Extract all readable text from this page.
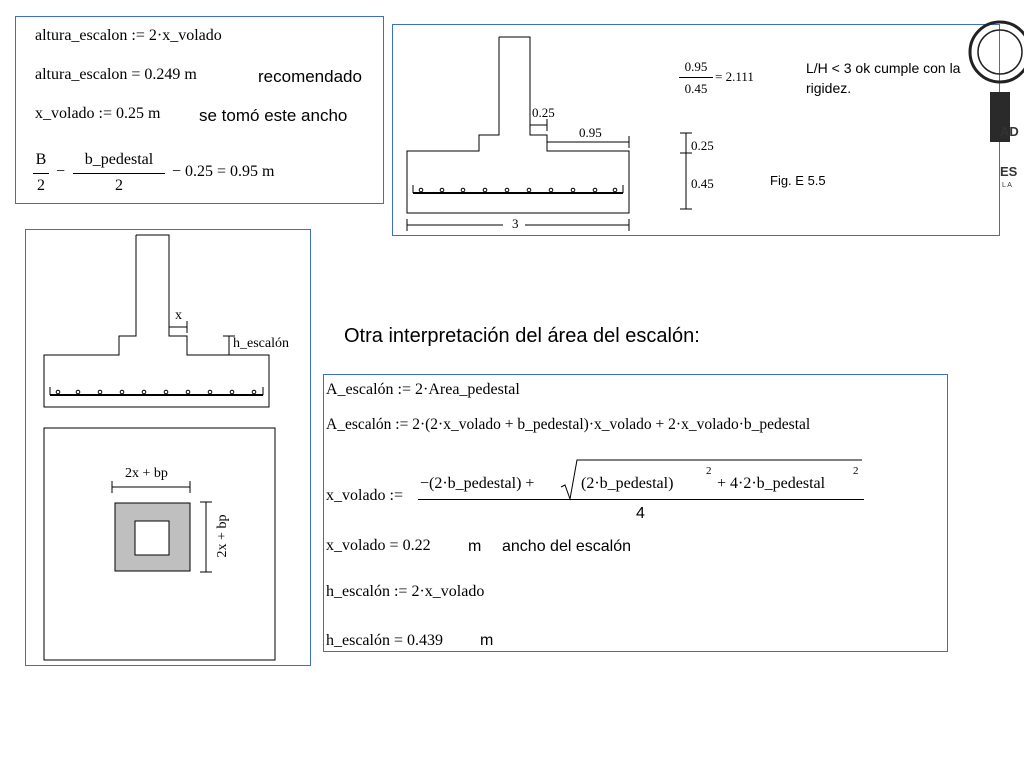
altura_escalon := 2·x_volado
altura_escalon = 0.249 m	recomendado
x_volado := 0.25 m se tomó este ancho
B
2
−
b_pedestal
2
− 0.25 = 0.95 m
0.25
0.95
3
0.95
0.45
= 2.111
L/H < 3 ok cumple con la
rigidez.
0.25
0.45	Fig. E 5.5
AD
ES
L A
x
h_escalón
2x + bp
2x + bp
Otra interpretación del área del escalón:
A_escalón := 2·Area_pedestal
A_escalón := 2·(2·x_volado + b_pedestal)·x_volado + 2·x_volado·b_pedestal
x_volado :=
−(2·b_pedestal) +	(2·b_pedestal)
2
+ 4·2·b_pedestal
2
4
x_volado = 0.22 m ancho del escalón
h_escalón := 2·x_volado
h_escalón = 0.439 m
